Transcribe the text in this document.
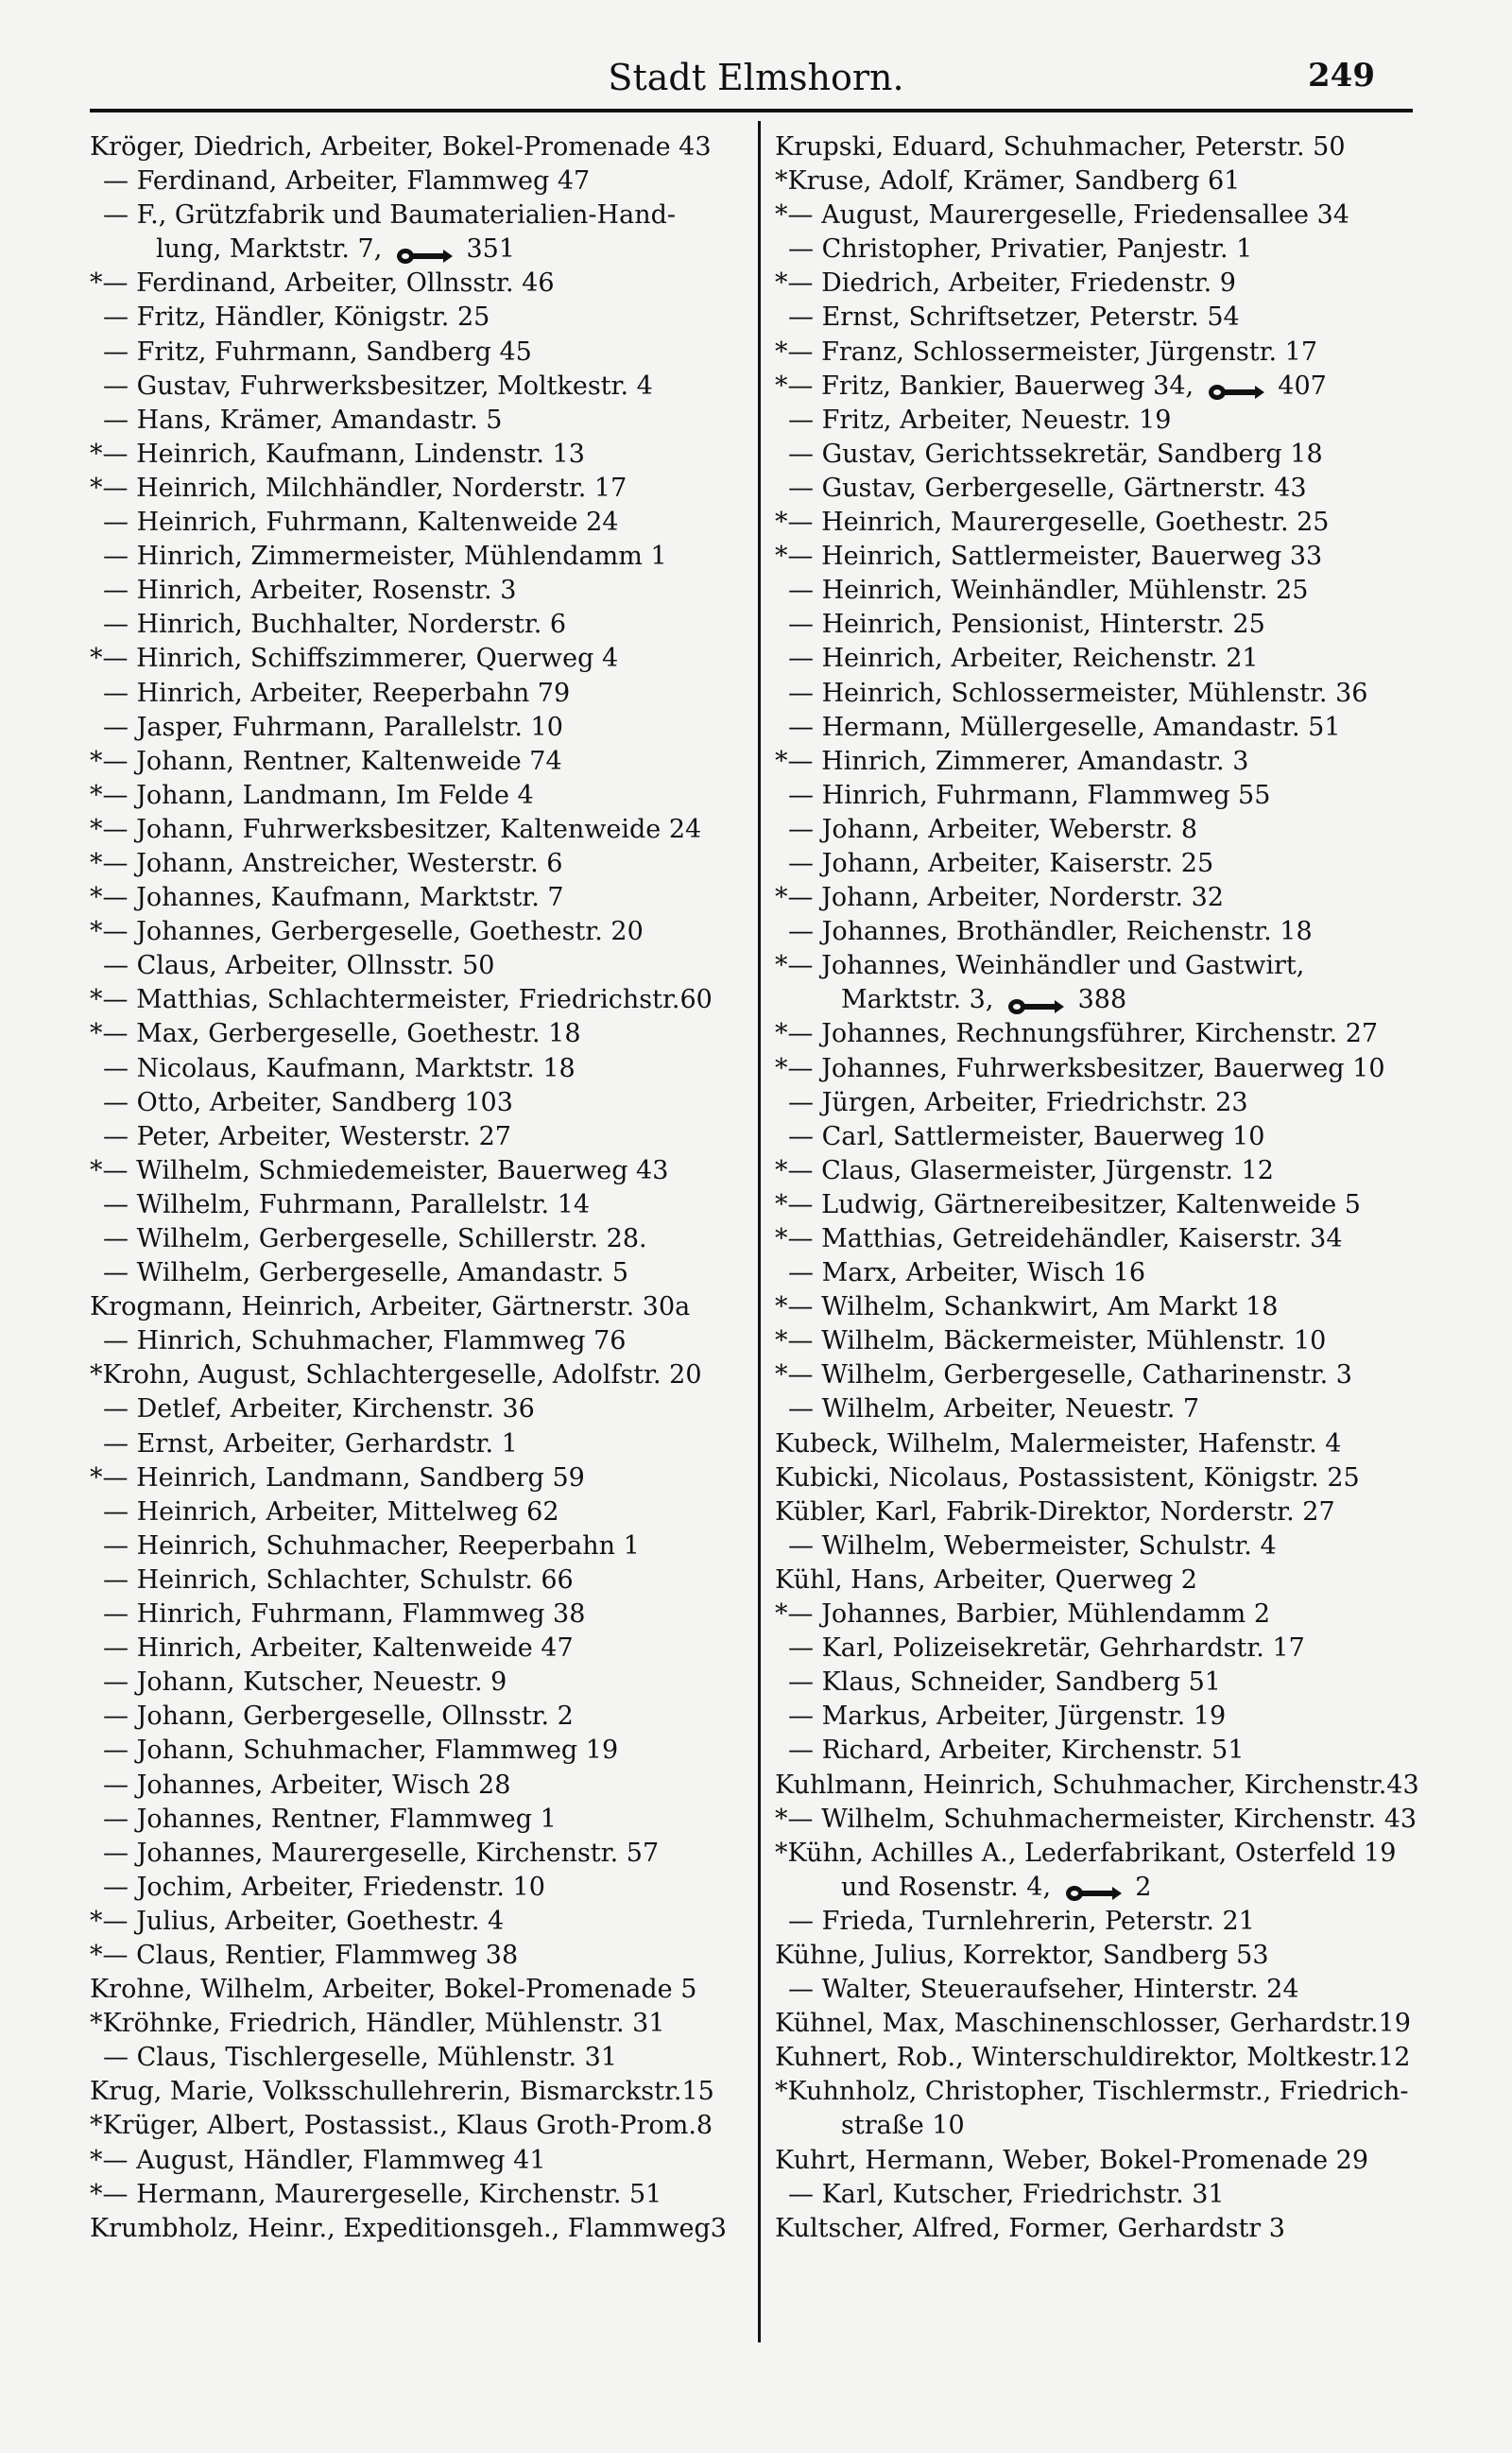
Stadt Elmshorn.	249
Kröger, Diedrich, Arbeiter, Bokel-Promenade 43
— Ferdinand, Arbeiter, Flammweg 47
— F., Grützfabrik und Baumaterialien-Hand-
lung, Marktstr. 7,	351
*— Ferdinand, Arbeiter, Ollnsstr. 46
— Fritz, Händler, Königstr. 25
— Fritz, Fuhrmann, Sandberg 45
— Gustav, Fuhrwerksbesitzer, Moltkestr. 4
— Hans, Krämer, Amandastr. 5
*— Heinrich, Kaufmann, Lindenstr. 13
*— Heinrich, Milchhändler, Norderstr. 17
— Heinrich, Fuhrmann, Kaltenweide 24
— Hinrich, Zimmermeister, Mühlendamm 1
— Hinrich, Arbeiter, Rosenstr. 3
— Hinrich, Buchhalter, Norderstr. 6
*— Hinrich, Schiffszimmerer, Querweg 4
— Hinrich, Arbeiter, Reeperbahn 79
— Jasper, Fuhrmann, Parallelstr. 10
*— Johann, Rentner, Kaltenweide 74
*— Johann, Landmann, Im Felde 4
*— Johann, Fuhrwerksbesitzer, Kaltenweide 24
*— Johann, Anstreicher, Westerstr. 6
*— Johannes, Kaufmann, Marktstr. 7
*— Johannes, Gerbergeselle, Goethestr. 20
— Claus, Arbeiter, Ollnsstr. 50
*— Matthias, Schlachtermeister, Friedrichstr.60
*— Max, Gerbergeselle, Goethestr. 18
— Nicolaus, Kaufmann, Marktstr. 18
— Otto, Arbeiter, Sandberg 103
— Peter, Arbeiter, Westerstr. 27
*— Wilhelm, Schmiedemeister, Bauerweg 43
— Wilhelm, Fuhrmann, Parallelstr. 14
— Wilhelm, Gerbergeselle, Schillerstr. 28.
— Wilhelm, Gerbergeselle, Amandastr. 5
Krogmann, Heinrich, Arbeiter, Gärtnerstr. 30a
— Hinrich, Schuhmacher, Flammweg 76
*Krohn, August, Schlachtergeselle, Adolfstr. 20
— Detlef, Arbeiter, Kirchenstr. 36
— Ernst, Arbeiter, Gerhardstr. 1
*— Heinrich, Landmann, Sandberg 59
— Heinrich, Arbeiter, Mittelweg 62
— Heinrich, Schuhmacher, Reeperbahn 1
— Heinrich, Schlachter, Schulstr. 66
— Hinrich, Fuhrmann, Flammweg 38
— Hinrich, Arbeiter, Kaltenweide 47
— Johann, Kutscher, Neuestr. 9
— Johann, Gerbergeselle, Ollnsstr. 2
— Johann, Schuhmacher, Flammweg 19
— Johannes, Arbeiter, Wisch 28
— Johannes, Rentner, Flammweg 1
— Johannes, Maurergeselle, Kirchenstr. 57
— Jochim, Arbeiter, Friedenstr. 10
*— Julius, Arbeiter, Goethestr. 4
*— Claus, Rentier, Flammweg 38
Krohne, Wilhelm, Arbeiter, Bokel-Promenade 5
*Kröhnke, Friedrich, Händler, Mühlenstr. 31
— Claus, Tischlergeselle, Mühlenstr. 31
Krug, Marie, Volksschullehrerin, Bismarckstr.15
*Krüger, Albert, Postassist., Klaus Groth-Prom.8
*— August, Händler, Flammweg 41
*— Hermann, Maurergeselle, Kirchenstr. 51
Krumbholz, Heinr., Expeditionsgeh., Flammweg3
Krupski, Eduard, Schuhmacher, Peterstr. 50
*Kruse, Adolf, Krämer, Sandberg 61
*— August, Maurergeselle, Friedensallee 34
— Christopher, Privatier, Panjestr. 1
*— Diedrich, Arbeiter, Friedenstr. 9
— Ernst, Schriftsetzer, Peterstr. 54
*— Franz, Schlossermeister, Jürgenstr. 17
*— Fritz, Bankier, Bauerweg 34,	407
— Fritz, Arbeiter, Neuestr. 19
— Gustav, Gerichtssekretär, Sandberg 18
— Gustav, Gerbergeselle, Gärtnerstr. 43
*— Heinrich, Maurergeselle, Goethestr. 25
*— Heinrich, Sattlermeister, Bauerweg 33
— Heinrich, Weinhändler, Mühlenstr. 25
— Heinrich, Pensionist, Hinterstr. 25
— Heinrich, Arbeiter, Reichenstr. 21
— Heinrich, Schlossermeister, Mühlenstr. 36
— Hermann, Müllergeselle, Amandastr. 51
*— Hinrich, Zimmerer, Amandastr. 3
— Hinrich, Fuhrmann, Flammweg 55
— Johann, Arbeiter, Weberstr. 8
— Johann, Arbeiter, Kaiserstr. 25
*— Johann, Arbeiter, Norderstr. 32
— Johannes, Brothändler, Reichenstr. 18
*— Johannes, Weinhändler und Gastwirt,
Marktstr. 3,	388
*— Johannes, Rechnungsführer, Kirchenstr. 27
*— Johannes, Fuhrwerksbesitzer, Bauerweg 10
— Jürgen, Arbeiter, Friedrichstr. 23
— Carl, Sattlermeister, Bauerweg 10
*— Claus, Glasermeister, Jürgenstr. 12
*— Ludwig, Gärtnereibesitzer, Kaltenweide 5
*— Matthias, Getreidehändler, Kaiserstr. 34
— Marx, Arbeiter, Wisch 16
*— Wilhelm, Schankwirt, Am Markt 18
*— Wilhelm, Bäckermeister, Mühlenstr. 10
*— Wilhelm, Gerbergeselle, Catharinenstr. 3
— Wilhelm, Arbeiter, Neuestr. 7
Kubeck, Wilhelm, Malermeister, Hafenstr. 4
Kubicki, Nicolaus, Postassistent, Königstr. 25
Kübler, Karl, Fabrik-Direktor, Norderstr. 27
— Wilhelm, Webermeister, Schulstr. 4
Kühl, Hans, Arbeiter, Querweg 2
*— Johannes, Barbier, Mühlendamm 2
— Karl, Polizeisekretär, Gehrhardstr. 17
— Klaus, Schneider, Sandberg 51
— Markus, Arbeiter, Jürgenstr. 19
— Richard, Arbeiter, Kirchenstr. 51
Kuhlmann, Heinrich, Schuhmacher, Kirchenstr.43
*— Wilhelm, Schuhmachermeister, Kirchenstr. 43
*Kühn, Achilles A., Lederfabrikant, Osterfeld 19
und Rosenstr. 4,	2
— Frieda, Turnlehrerin, Peterstr. 21
Kühne, Julius, Korrektor, Sandberg 53
— Walter, Steueraufseher, Hinterstr. 24
Kühnel, Max, Maschinenschlosser, Gerhardstr.19
Kuhnert, Rob., Winterschuldirektor, Moltkestr.12
*Kuhnholz, Christopher, Tischlermstr., Friedrich-
straße 10
Kuhrt, Hermann, Weber, Bokel-Promenade 29
— Karl, Kutscher, Friedrichstr. 31
Kultscher, Alfred, Former, Gerhardstr 3
